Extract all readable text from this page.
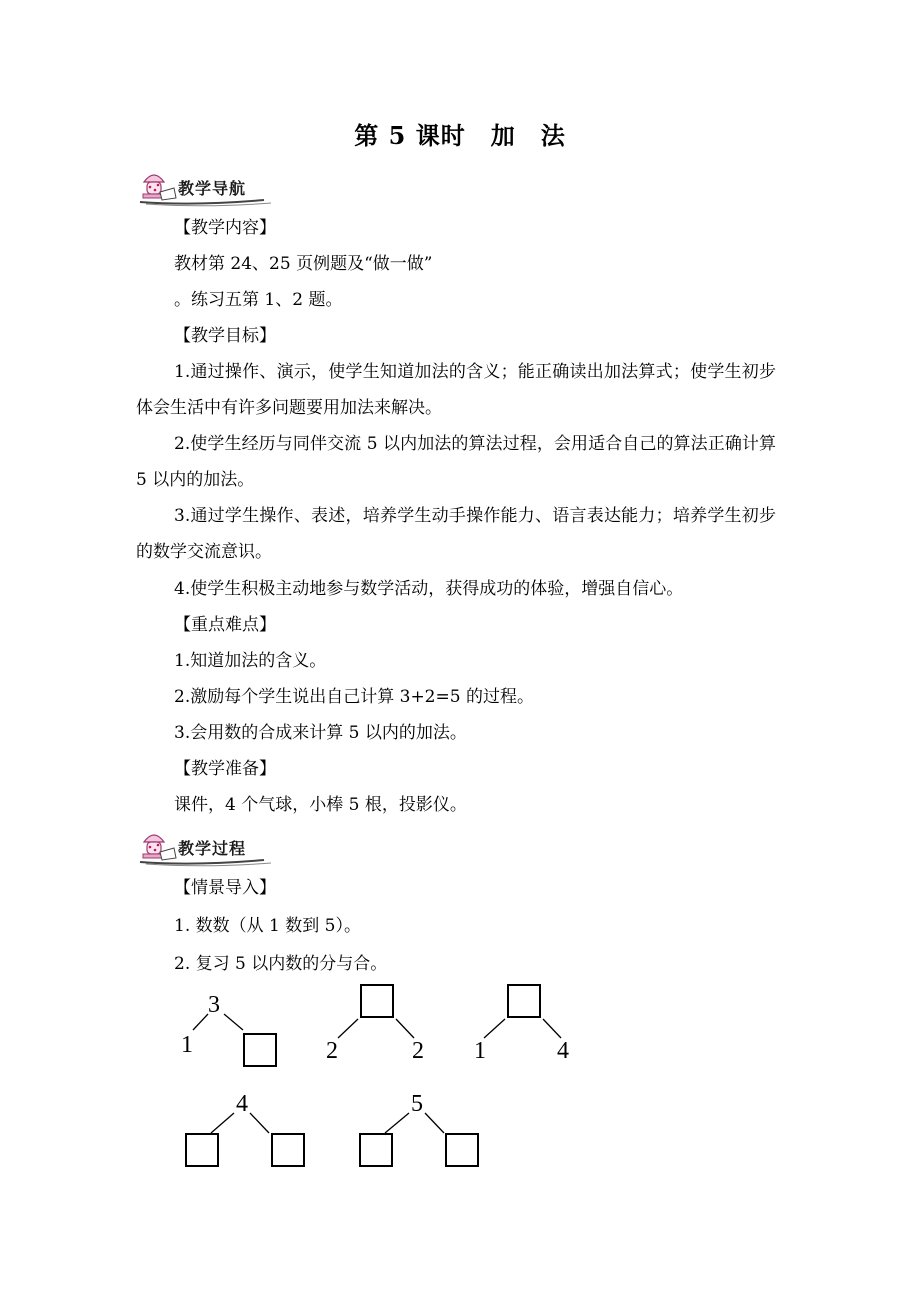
第 5 课时　加　法
教学导航
【教学内容】
教材第 24、25 页例题及“做一做”
。练习五第 1、2 题。
【教学目标】
1.通过操作、演示，使学生知道加法的含义；能正确读出加法算式；使学生初步体会生活中有许多问题要用加法来解决。
2.使学生经历与同伴交流 5 以内加法的算法过程，会用适合自己的算法正确计算 5 以内的加法。
3.通过学生操作、表述，培养学生动手操作能力、语言表达能力；培养学生初步的数学交流意识。
4.使学生积极主动地参与数学活动，获得成功的体验，增强自信心。
【重点难点】
1.知道加法的含义。
2.激励每个学生说出自己计算 3+2=5 的过程。
3.会用数的合成来计算 5 以内的加法。
【教学准备】
课件，4 个气球，小棒 5 根，投影仪。
教学过程
【情景导入】
1. 数数（从 1 数到 5）。
2. 复习 5 以内数的分与合。
3
1	2	2 1	4
4	5
